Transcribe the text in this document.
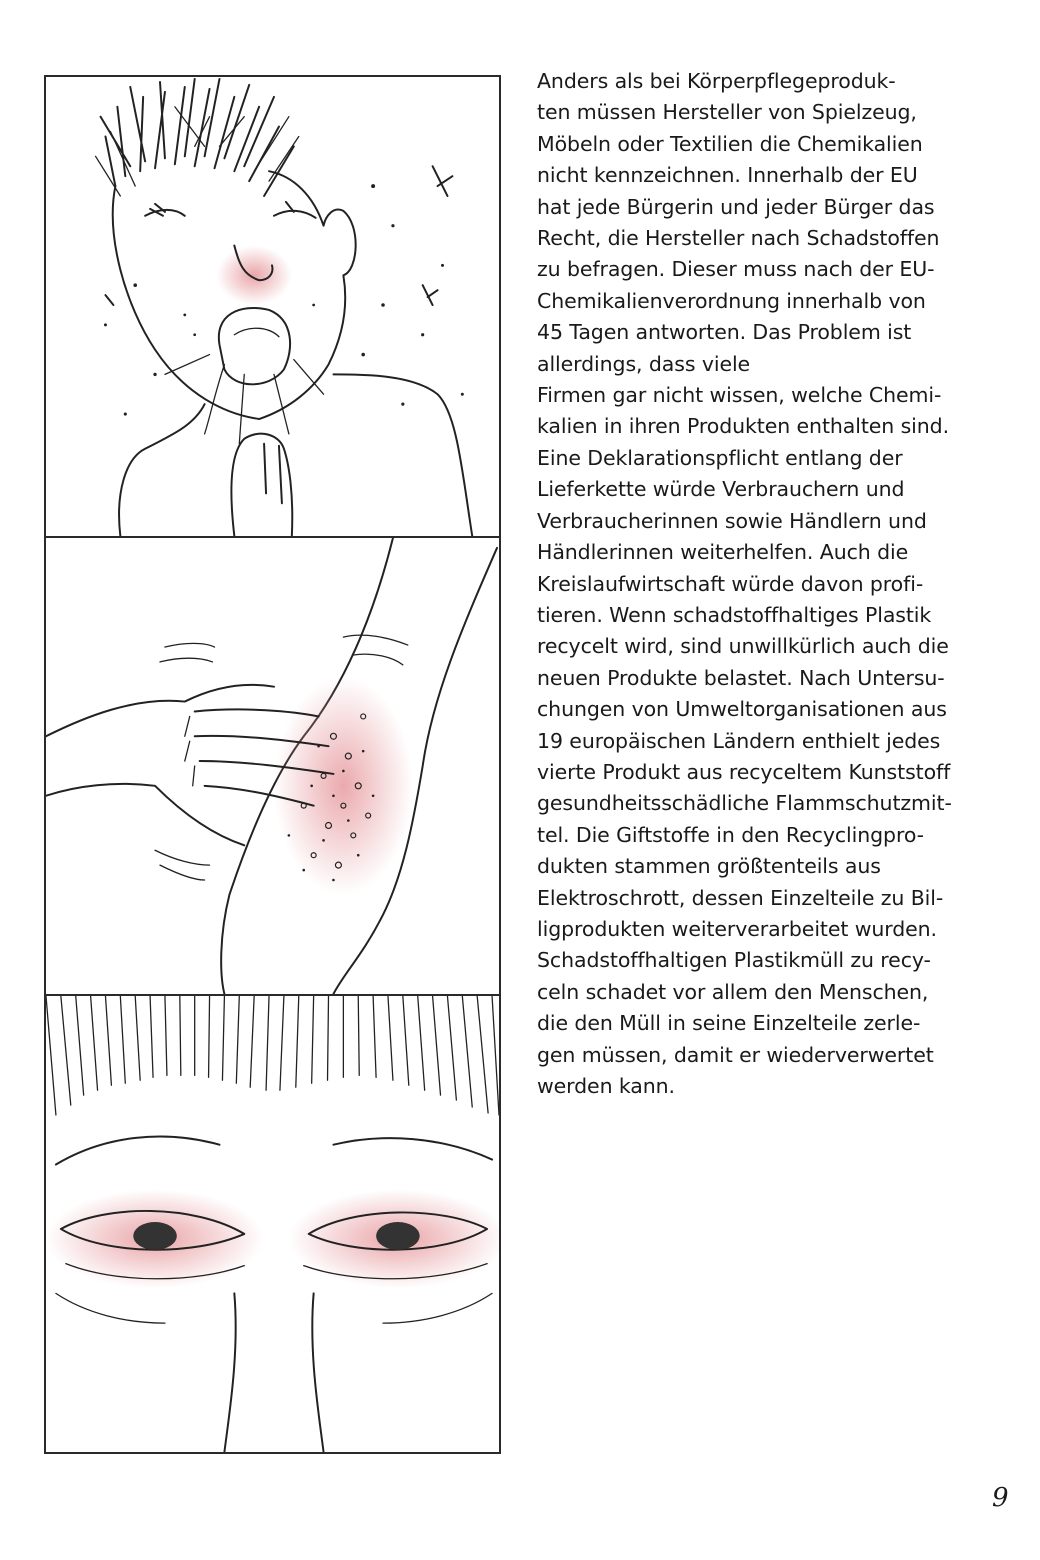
Anders als bei Körperpflegeproduk-
ten müssen Hersteller von Spielzeug,
Möbeln oder Textilien die Chemikalien
nicht kennzeichnen. Innerhalb der EU
hat jede Bürgerin und jeder Bürger das
Recht, die Hersteller nach Schadstoffen
zu befragen. Dieser muss nach der EU-
Chemikalienverordnung innerhalb von
45 Tagen antworten. Das Problem ist
allerdings, dass viele
Firmen gar nicht wissen, welche Chemi-
kalien in ihren Produkten enthalten sind.
Eine Deklarationspflicht entlang der
Lieferkette würde Verbrauchern und
Verbraucherinnen sowie Händlern und
Händlerinnen weiterhelfen. Auch die
Kreislaufwirtschaft würde davon profi-
tieren. Wenn schadstoffhaltiges Plastik
recycelt wird, sind unwillkürlich auch die
neuen Produkte belastet. Nach Untersu-
chungen von Umweltorganisationen aus
19 europäischen Ländern enthielt jedes
vierte Produkt aus recyceltem Kunststoff
gesundheitsschädliche Flammschutzmit-
tel. Die Giftstoffe in den Recyclingpro-
dukten stammen größtenteils aus
Elektroschrott, dessen Einzelteile zu Bil-
ligprodukten weiterverarbeitet wurden.
Schadstoffhaltigen Plastikmüll zu recy-
celn schadet vor allem den Menschen,
die den Müll in seine Einzelteile zerle-
gen müssen, damit er wiederverwertet
werden kann.
9
